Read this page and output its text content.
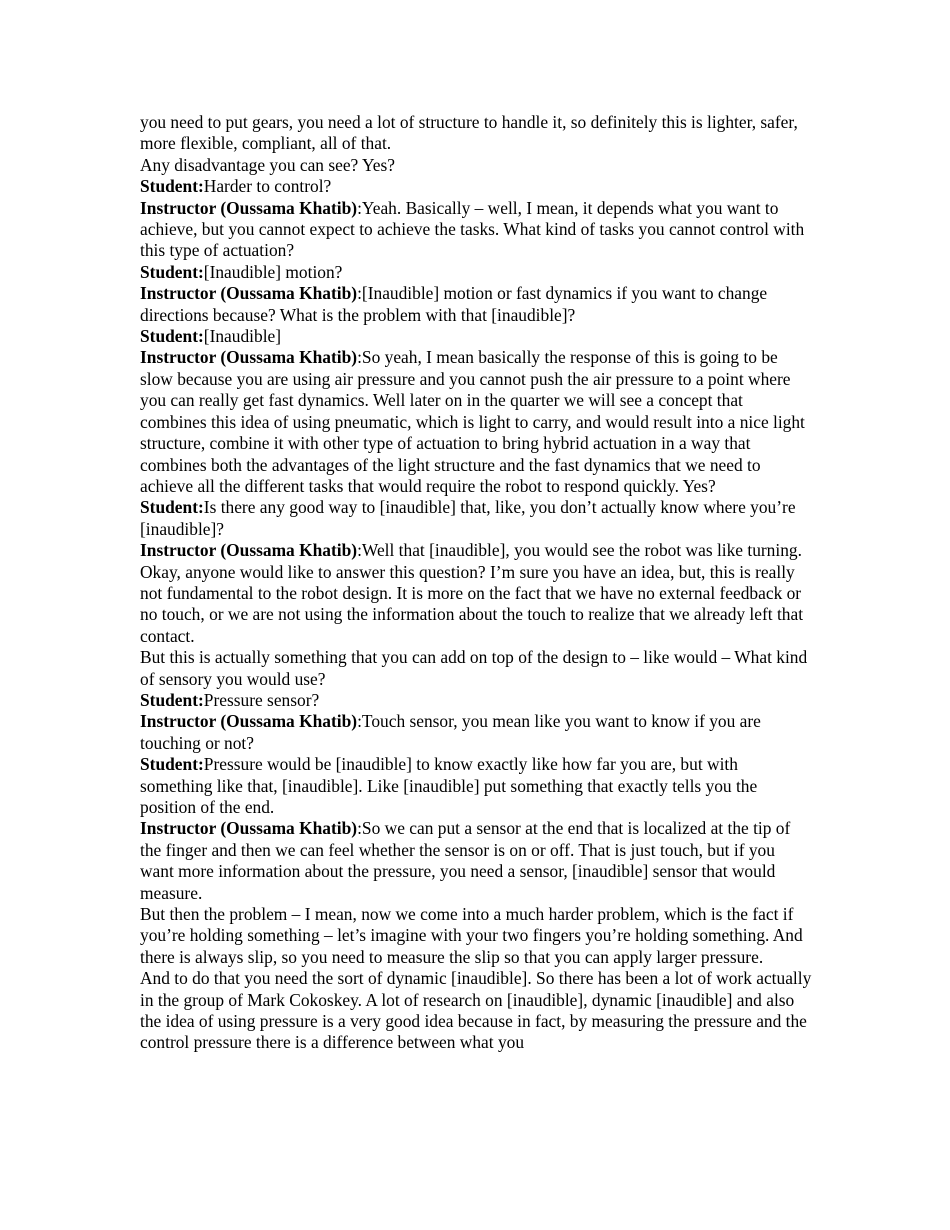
you need to put gears, you need a lot of structure to handle it, so definitely this is lighter, safer, more flexible, compliant, all of that.

Any disadvantage you can see? Yes?

Student:Harder to control?

Instructor (Oussama Khatib):Yeah. Basically – well, I mean, it depends what you want to achieve, but you cannot expect to achieve the tasks. What kind of tasks you cannot control with this type of actuation?

Student:[Inaudible] motion?

Instructor (Oussama Khatib):[Inaudible] motion or fast dynamics if you want to change directions because? What is the problem with that [inaudible]?

Student:[Inaudible]

Instructor (Oussama Khatib):So yeah, I mean basically the response of this is going to be slow because you are using air pressure and you cannot push the air pressure to a point where you can really get fast dynamics. Well later on in the quarter we will see a concept that combines this idea of using pneumatic, which is light to carry, and would result into a nice light structure, combine it with other type of actuation to bring hybrid actuation in a way that combines both the advantages of the light structure and the fast dynamics that we need to achieve all the different tasks that would require the robot to respond quickly. Yes?

Student:Is there any good way to [inaudible] that, like, you don’t actually know where you’re [inaudible]?

Instructor (Oussama Khatib):Well that [inaudible], you would see the robot was like turning. Okay, anyone would like to answer this question? I’m sure you have an idea, but, this is really not fundamental to the robot design. It is more on the fact that we have no external feedback or no touch, or we are not using the information about the touch to realize that we already left that contact.

But this is actually something that you can add on top of the design to – like would – What kind of sensory you would use?

Student:Pressure sensor?

Instructor (Oussama Khatib):Touch sensor, you mean like you want to know if you are touching or not?

Student:Pressure would be [inaudible] to know exactly like how far you are, but with something like that, [inaudible]. Like [inaudible] put something that exactly tells you the position of the end.

Instructor (Oussama Khatib):So we can put a sensor at the end that is localized at the tip of the finger and then we can feel whether the sensor is on or off. That is just touch, but if you want more information about the pressure, you need a sensor, [inaudible] sensor that would measure.

But then the problem – I mean, now we come into a much harder problem, which is the fact if you’re holding something – let’s imagine with your two fingers you’re holding something. And there is always slip, so you need to measure the slip so that you can apply larger pressure.

And to do that you need the sort of dynamic [inaudible]. So there has been a lot of work actually in the group of Mark Cokoskey. A lot of research on [inaudible], dynamic [inaudible] and also the idea of using pressure is a very good idea because in fact, by measuring the pressure and the control pressure there is a difference between what you
